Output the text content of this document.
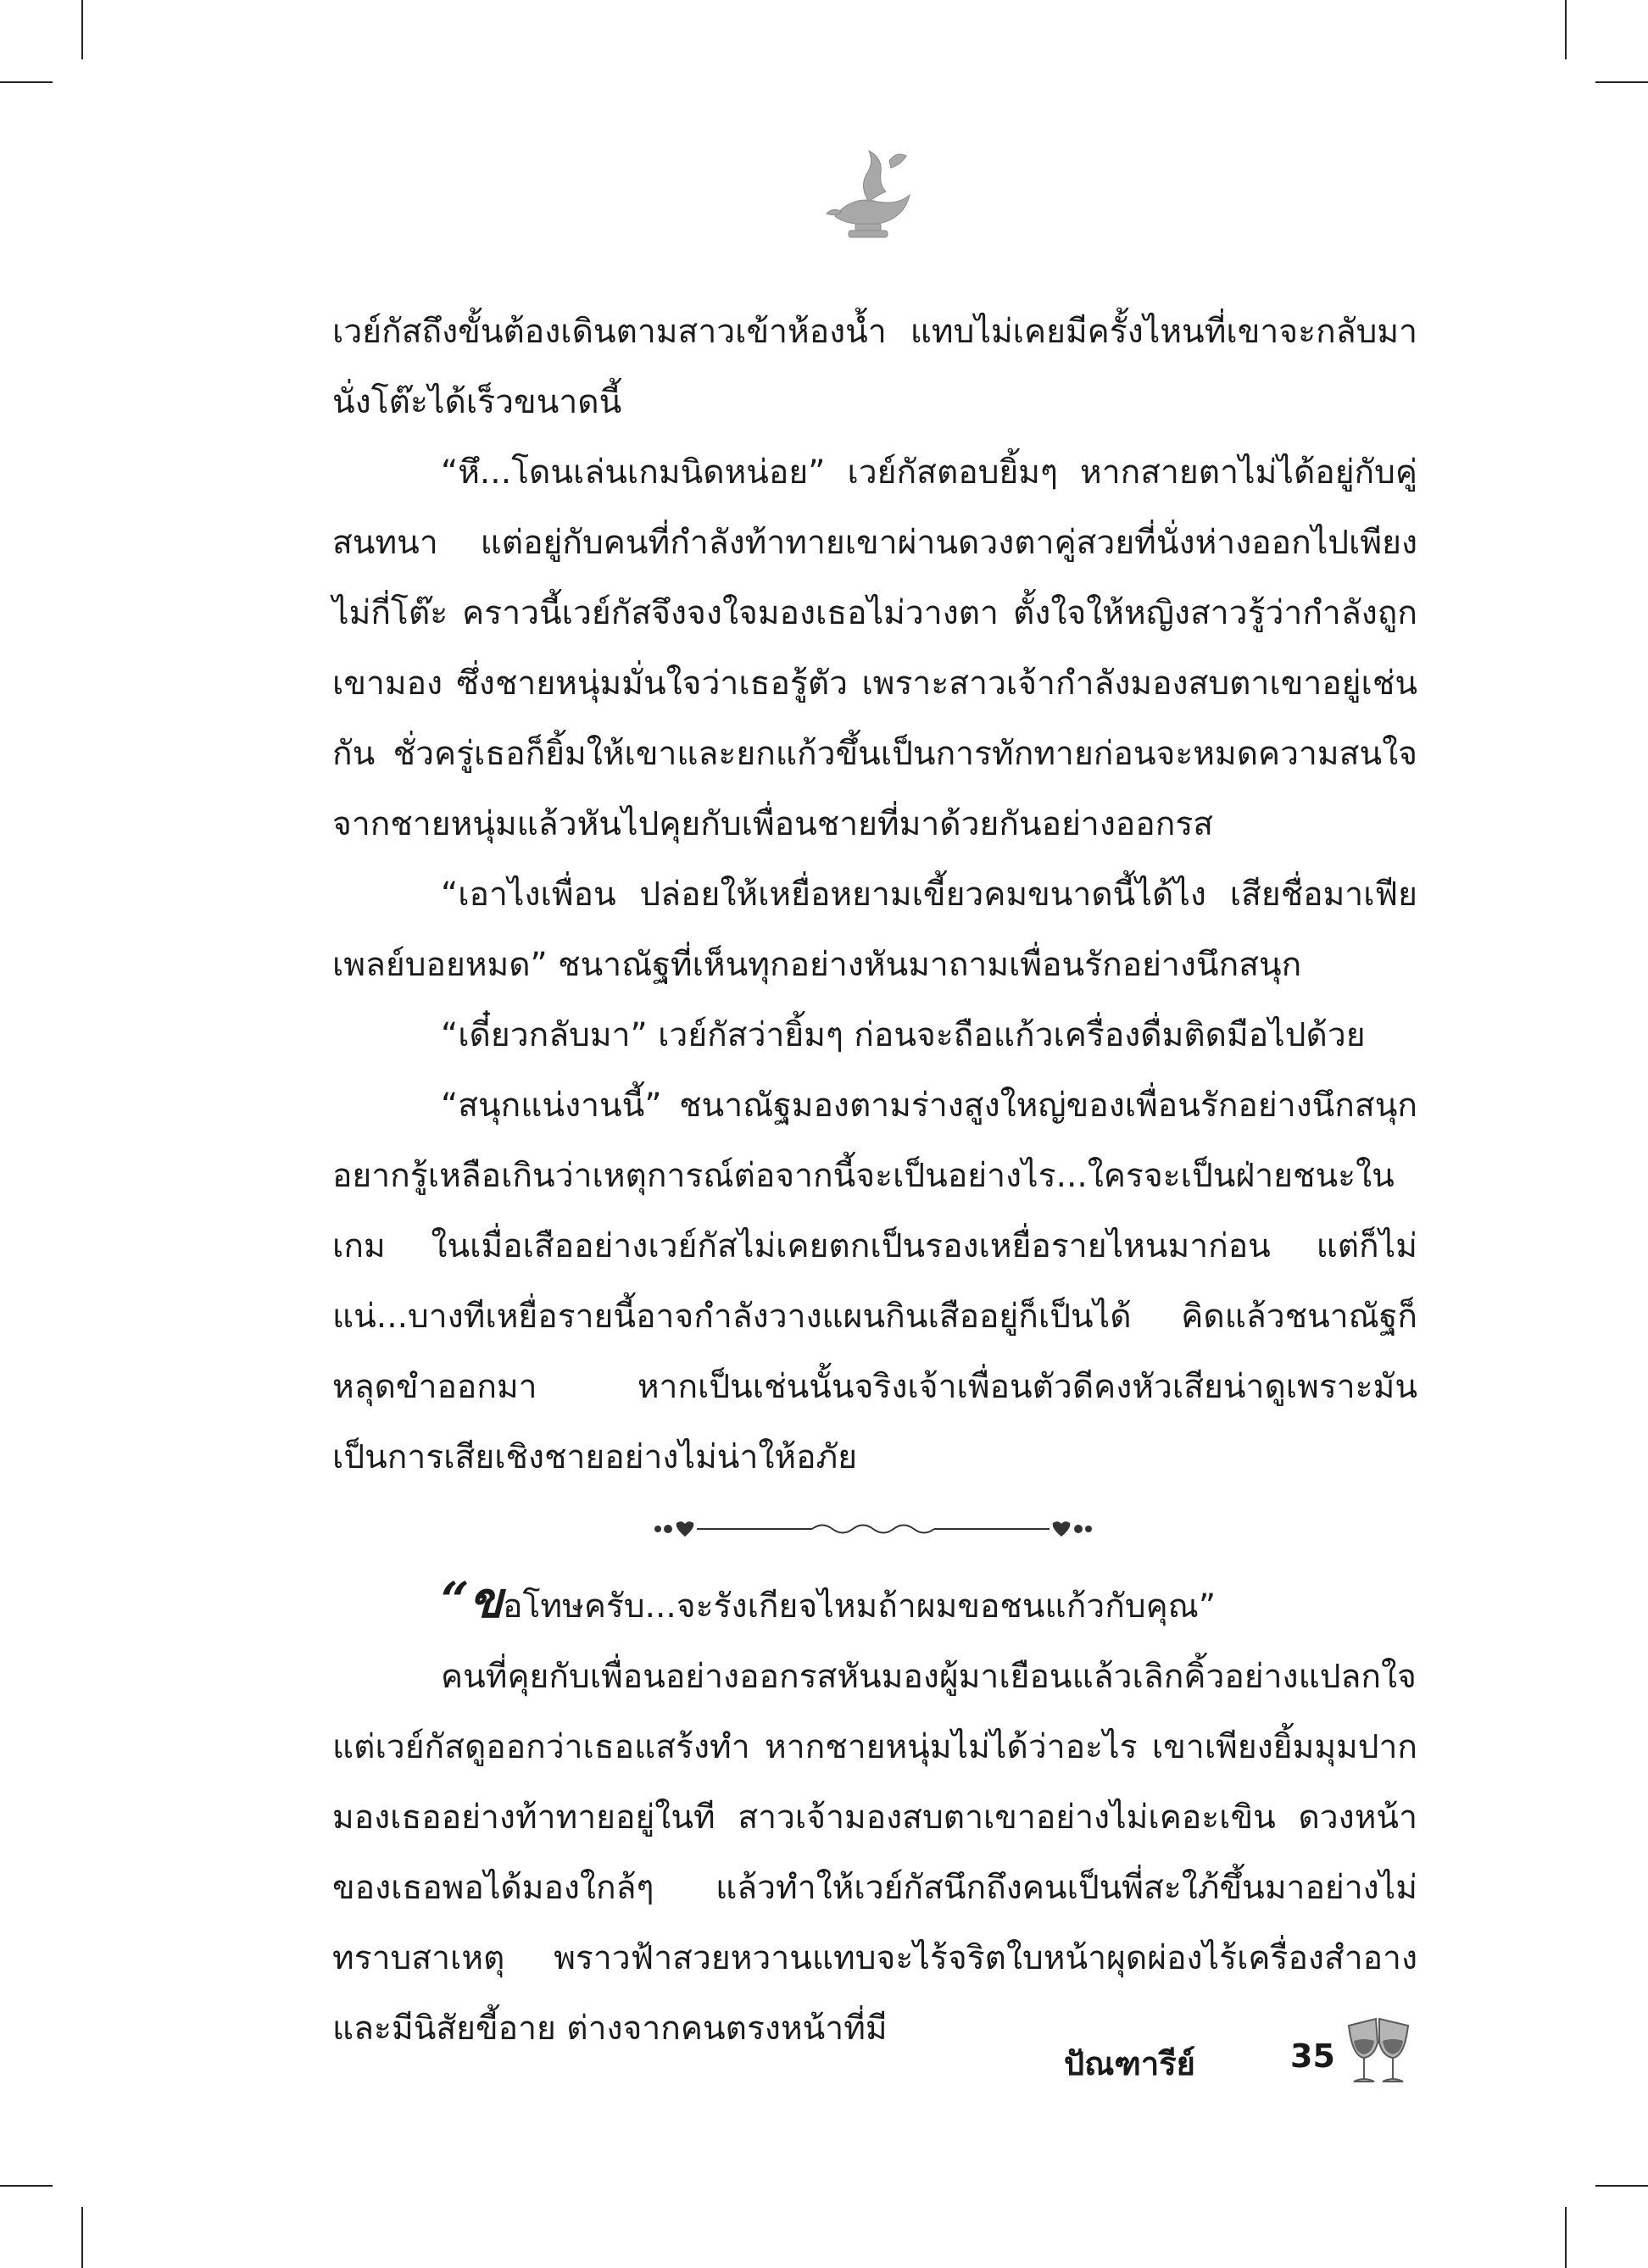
เวย์กัสถึงขั้นต้องเดินตามสาวเข้าห้องน้ำ แทบไม่เคยมีครั้งไหนที่เขาจะกลับมานั่งโต๊ะได้เร็วขนาดนี้

“หึ...โดนเล่นเกมนิดหน่อย” เวย์กัสตอบยิ้มๆ หากสายตาไม่ได้อยู่กับคู่สนทนา แต่อยู่กับคนที่กำลังท้าทายเขาผ่านดวงตาคู่สวยที่นั่งห่างออกไปเพียงไม่กี่โต๊ะ คราวนี้เวย์กัสจึงจงใจมองเธอไม่วางตา ตั้งใจให้หญิงสาวรู้ว่ากำลังถูกเขามอง ซึ่งชายหนุ่มมั่นใจว่าเธอรู้ตัว เพราะสาวเจ้ากำลังมองสบตาเขาอยู่เช่นกัน ชั่วครู่เธอก็ยิ้มให้เขาและยกแก้วขึ้นเป็นการทักทายก่อนจะหมดความสนใจจากชายหนุ่มแล้วหันไปคุยกับเพื่อนชายที่มาด้วยกันอย่างออกรส

“เอาไงเพื่อน ปล่อยให้เหยื่อหยามเขี้ยวคมขนาดนี้ได้ไง เสียชื่อมาเฟียเพลย์บอยหมด” ชนาณัฐที่เห็นทุกอย่างหันมาถามเพื่อนรักอย่างนึกสนุก

“เดี๋ยวกลับมา” เวย์กัสว่ายิ้มๆ ก่อนจะถือแก้วเครื่องดื่มติดมือไปด้วย

“สนุกแน่งานนี้” ชนาณัฐมองตามร่างสูงใหญ่ของเพื่อนรักอย่างนึกสนุก อยากรู้เหลือเกินว่าเหตุการณ์ต่อจากนี้จะเป็นอย่างไร...ใครจะเป็นฝ่ายชนะในเกม ในเมื่อเสืออย่างเวย์กัสไม่เคยตกเป็นรองเหยื่อรายไหนมาก่อน แต่ก็ไม่แน่...บางทีเหยื่อรายนี้อาจกำลังวางแผนกินเสืออยู่ก็เป็นได้ คิดแล้วชนาณัฐก็หลุดขำออกมา หากเป็นเช่นนั้นจริงเจ้าเพื่อนตัวดีคงหัวเสียน่าดูเพราะมันเป็นการเสียเชิงชายอย่างไม่น่าให้อภัย

“ขอโทษครับ...จะรังเกียจไหมถ้าผมขอชนแก้วกับคุณ”

คนที่คุยกับเพื่อนอย่างออกรสหันมองผู้มาเยือนแล้วเลิกคิ้วอย่างแปลกใจ แต่เวย์กัสดูออกว่าเธอแสร้งทำ หากชายหนุ่มไม่ได้ว่าอะไร เขาเพียงยิ้มมุมปากมองเธออย่างท้าทายอยู่ในที สาวเจ้ามองสบตาเขาอย่างไม่เคอะเขิน ดวงหน้าของเธอพอได้มองใกล้ๆ แล้วทำให้เวย์กัสนึกถึงคนเป็นพี่สะใภ้ขึ้นมาอย่างไม่ทราบสาเหตุ พราวฟ้าสวยหวานแทบจะไร้จริตใบหน้าผุดผ่องไร้เครื่องสำอาง และมีนิสัยขี้อาย ต่างจากคนตรงหน้าที่มี

ปัณฑารีย์	35
